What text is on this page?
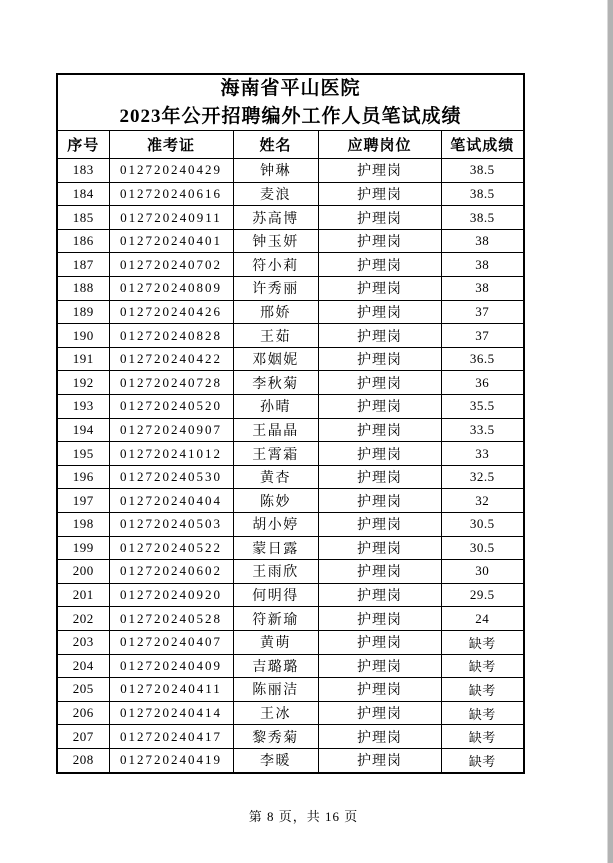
海南省平山医院
2023年公开招聘编外工作人员笔试成绩				

序号	准考证	姓名	应聘岗位	笔试成绩
183	012720240429	钟琳	护理岗	38.5
184	012720240616	麦浪	护理岗	38.5
185	012720240911	苏高博	护理岗	38.5
186	012720240401	钟玉妍	护理岗	38
187	012720240702	符小莉	护理岗	38
188	012720240809	许秀丽	护理岗	38
189	012720240426	邢娇	护理岗	37
190	012720240828	王茹	护理岗	37
191	012720240422	邓姻妮	护理岗	36.5
192	012720240728	李秋菊	护理岗	36
193	012720240520	孙晴	护理岗	35.5
194	012720240907	王晶晶	护理岗	33.5
195	012720241012	王霄霜	护理岗	33
196	012720240530	黄杏	护理岗	32.5
197	012720240404	陈妙	护理岗	32
198	012720240503	胡小婷	护理岗	30.5
199	012720240522	蒙日露	护理岗	30.5
200	012720240602	王雨欣	护理岗	30
201	012720240920	何明得	护理岗	29.5
202	012720240528	符新瑜	护理岗	24
203	012720240407	黄萌	护理岗	缺考
204	012720240409	吉璐璐	护理岗	缺考
205	012720240411	陈丽洁	护理岗	缺考
206	012720240414	王冰	护理岗	缺考
207	012720240417	黎秀菊	护理岗	缺考
208	012720240419	李暖	护理岗	缺考
第 8 页，共 16 页
